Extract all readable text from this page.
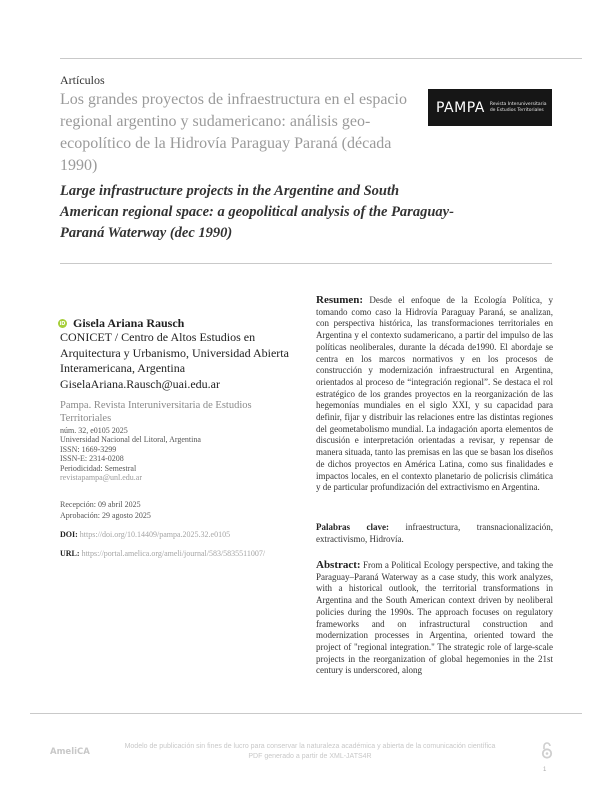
Artículos
Los grandes proyectos de infraestructura en el espacio regional argentino y sudamericano: análisis geo-ecopolítico de la Hidrovía Paraguay Paraná (década 1990)
PAMPA Revista Interuniversitaria
de Estudios Territoriales
Large infrastructure projects in the Argentine and South American regional space: a geopolitical analysis of the Paraguay-Paraná Waterway (dec 1990)
iD Gisela Ariana Rausch
CONICET / Centro de Altos Estudios en
Arquitectura y Urbanismo, Universidad Abierta
Interamericana, Argentina
GiselaAriana.Rausch@uai.edu.ar
Pampa. Revista Interuniversitaria de Estudios Territoriales
núm. 32, e0105 2025
Universidad Nacional del Litoral, Argentina
ISSN: 1669-3299
ISSN-E: 2314-0208
Periodicidad: Semestral
revistapampa@unl.edu.ar
Recepción: 09 abril 2025
Aprobación: 29 agosto 2025
DOI: https://doi.org/10.14409/pampa.2025.32.e0105
URL: https://portal.amelica.org/ameli/journal/583/5835511007/
Resumen: Desde el enfoque de la Ecología Política, y tomando como caso la Hidrovía Paraguay Paraná, se analizan, con perspectiva histórica, las transformaciones territoriales en Argentina y el contexto sudamericano, a partir del impulso de las políticas neoliberales, durante la década de1990. El abordaje se centra en los marcos normativos y en los procesos de construcción y modernización infraestructural en Argentina, orientados al proceso de “integración regional”. Se destaca el rol estratégico de los grandes proyectos en la reorganización de las hegemonías mundiales en el siglo XXI, y su capacidad para definir, fijar y distribuir las relaciones entre las distintas regiones del geometabolismo mundial. La indagación aporta elementos de discusión e interpretación orientadas a revisar, y repensar de manera situada, tanto las premisas en las que se basan los diseños de dichos proyectos en América Latina, como sus finalidades e impactos locales, en el contexto planetario de policrisis climática y de particular profundización del extractivismo en Argentina.
Palabras clave: infraestructura, transnacionalización, extractivismo, Hidrovía.
Abstract: From a Political Ecology perspective, and taking the Paraguay–Paraná Waterway as a case study, this work analyzes, with a historical outlook, the territorial transformations in Argentina and the South American context driven by neoliberal policies during the 1990s. The approach focuses on regulatory frameworks and on infrastructural construction and modernization processes in Argentina, oriented toward the project of "regional integration." The strategic role of large-scale projects in the reorganization of global hegemonies in the 21st century is underscored, along
AmeliCA
Modelo de publicación sin fines de lucro para conservar la naturaleza académica y abierta de la comunicación científica
PDF generado a partir de XML-JATS4R
1
